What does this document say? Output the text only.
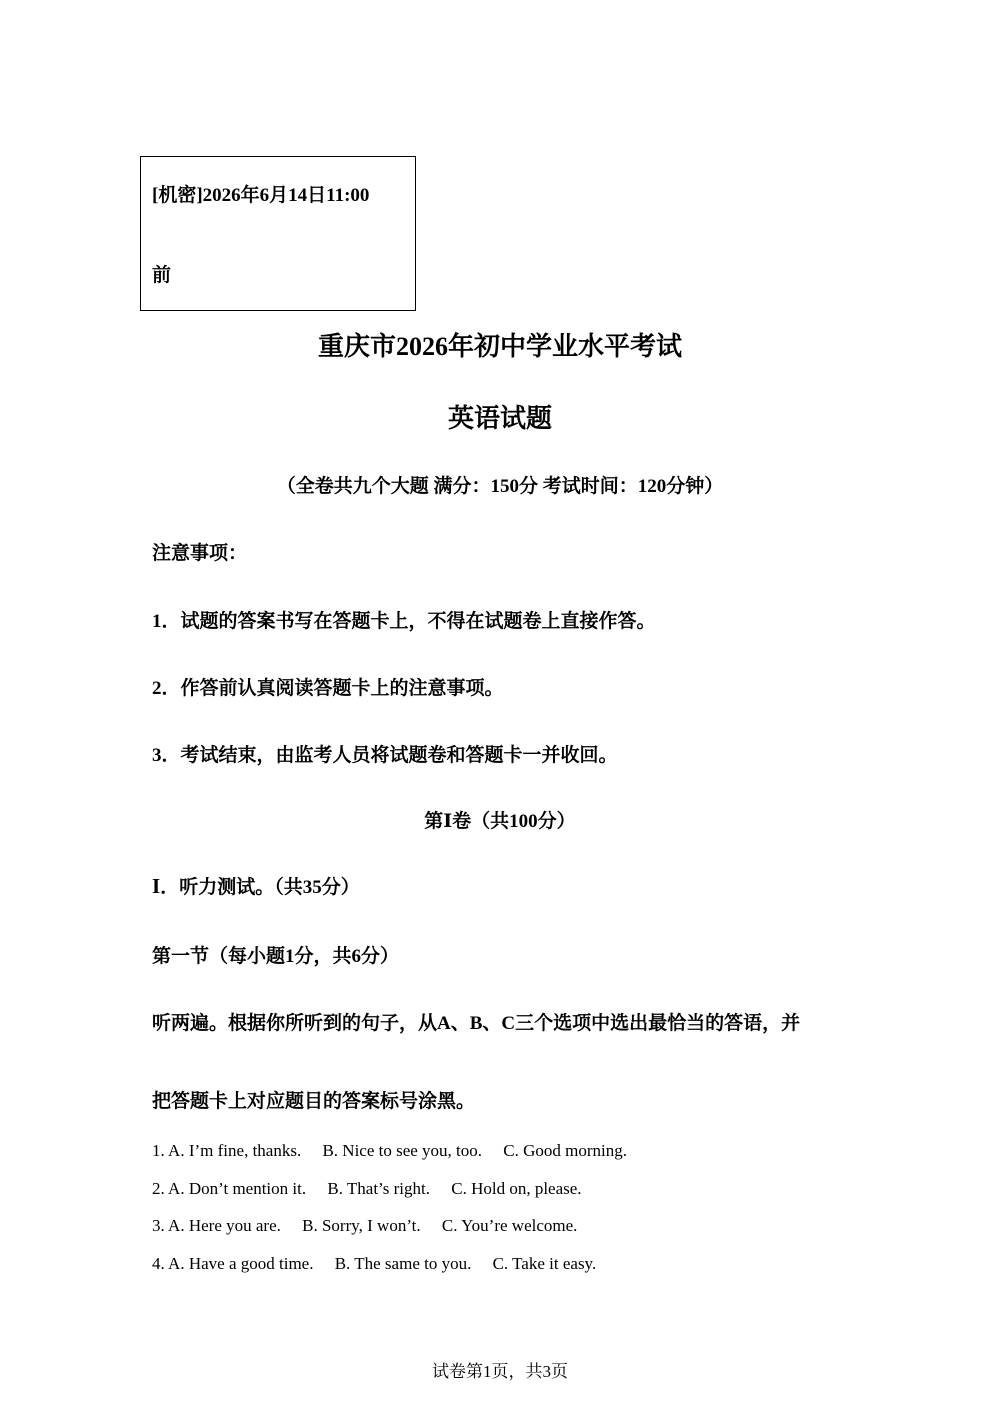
[机密]2026年6月14日11:00
前
重庆市2026年初中学业水平考试
英语试题
（全卷共九个大题 满分：150分 考试时间：120分钟）
注意事项：
1．试题的答案书写在答题卡上，不得在试题卷上直接作答。
2．作答前认真阅读答题卡上的注意事项。
3．考试结束，由监考人员将试题卷和答题卡一并收回。
第Ⅰ卷（共100分）
I．听力测试。（共35分）
第一节（每小题1分，共6分）
听两遍。根据你所听到的句子，从A、B、C三个选项中选出最恰当的答语，并
把答题卡上对应题目的答案标号涂黑。
1. A. I’m fine, thanks.     B. Nice to see you, too.     C. Good morning.
2. A. Don’t mention it.     B. That’s right.     C. Hold on, please.
3. A. Here you are.     B. Sorry, I won’t.     C. You’re welcome.
4. A. Have a good time.     B. The same to you.     C. Take it easy.
试卷第1页，共3页
